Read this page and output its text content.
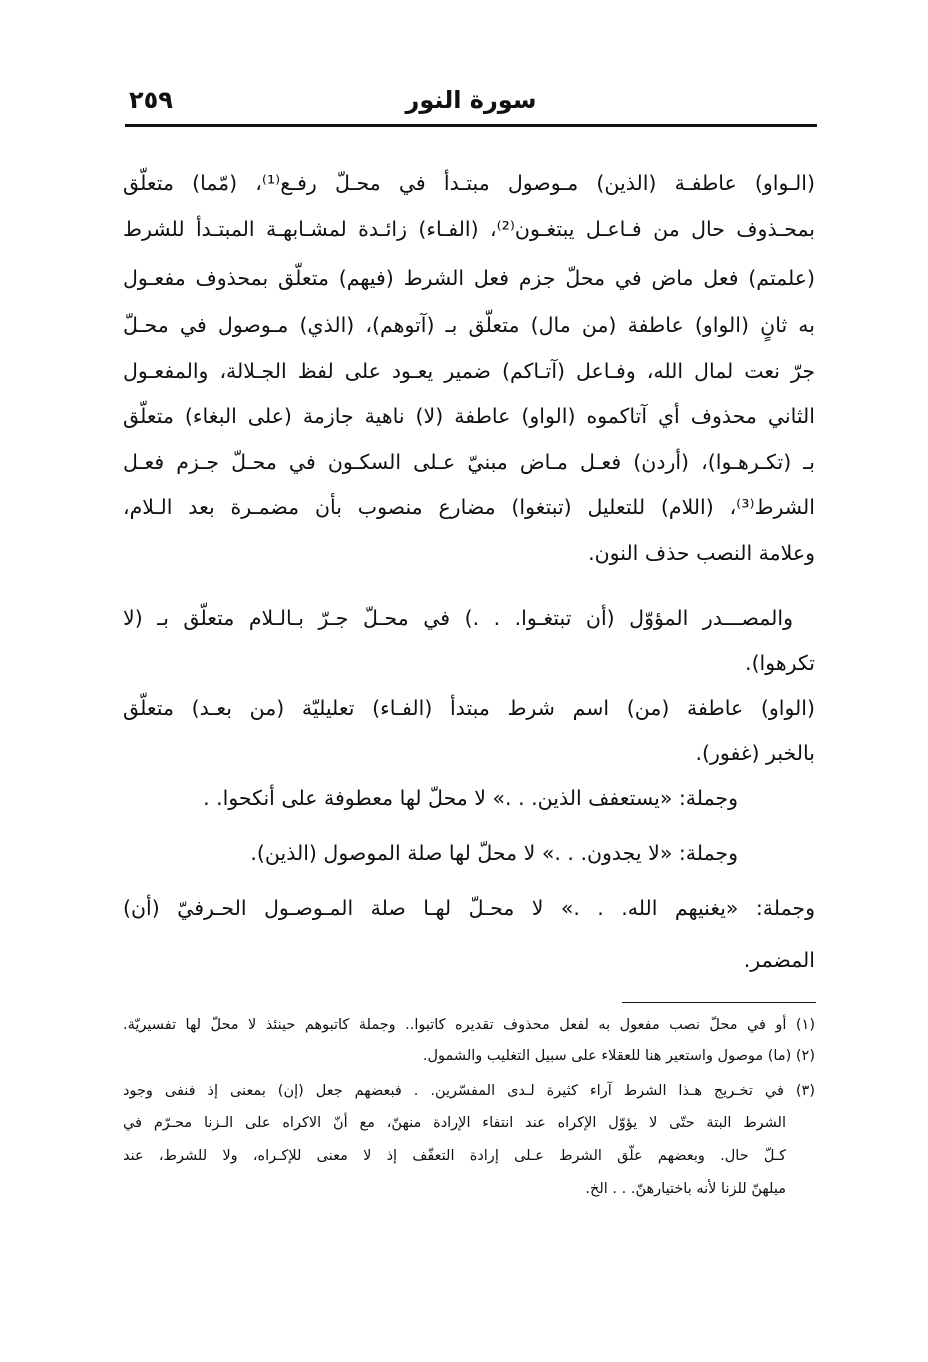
٢٥٩	سورة النور
(الـواو) عاطفـة (الذين) مـوصول مبتـدأ في محـلّ رفـع⁽¹⁾، (مّما) متعلّق
بمحـذوف حال من فـاعـل يبتغـون⁽²⁾، (الفـاء) زائـدة لمشـابهـة المبتـدأ للشرط
(علمتم) فعل ماض في محلّ جزم فعل الشرط (فيهم) متعلّق بمحذوف مفعـول
به ثانٍ (الواو) عاطفة (من مال) متعلّق بـ (آتوهم)، (الذي) مـوصول في محـلّ
جرّ نعت لمال الله، وفـاعل (آتـاكم) ضمير يعـود على لفظ الجـلالة، والمفعـول
الثاني محذوف أي آتاكموه (الواو) عاطفة (لا) ناهية جازمة (على البغاء) متعلّق
بـ (تكـرهـوا)، (أردن) فعـل مـاض مبنيّ عـلى السكـون في محـلّ جـزم فعـل
الشرط⁽³⁾، (اللام) للتعليل (تبتغوا) مضارع منصوب بأن مضمـرة بعد الـلام،
وعلامة النصب حذف النون.
والمصـــدر المؤوّل (أن تبتغـوا. . .) في محـلّ جـرّ بـالـلام متعلّق بـ (لا
تكرهوا).
(الواو) عاطفة (من) اسم شرط مبتدأ (الفـاء) تعليليّة (من بعـد) متعلّق
بالخبر (غفور).
وجملة: «يستعفف الذين. . .» لا محلّ لها معطوفة على أنكحوا. .
وجملة: «لا يجدون. . .» لا محلّ لها صلة الموصول (الذين).
وجملة: «يغنيهم الله. . .» لا محـلّ لهـا صلة المـوصـول الحـرفيّ (أن)
المضمر.
(١) أو في محلّ نصب مفعول به لفعل محذوف تقديره كاتبوا.. وجملة كاتبوهم حينئذ لا محلّ لها تفسيريّة.
(٢) (ما) موصول واستعير هنا للعقلاء على سبيل التغليب والشمول.
(٣) في تخـريج هـذا الشرط آراء كثيرة لـدى المفسّرين. . فبعضهم جعل (إن) بمعنى إذ فنفى وجود
الشرط البتة حتّى لا يؤوّل الإكراه عند انتفاء الإرادة منهنّ، مع أنّ الاكراه على الـزنا محـرّم في
كـلّ حال. وبعضهم علّق الشرط عـلى إرادة التعفّف إذ لا معنى للإكـراه، ولا للشرط، عند
ميلهنّ للزنا لأنه باختيارهنّ. . . الخ.
